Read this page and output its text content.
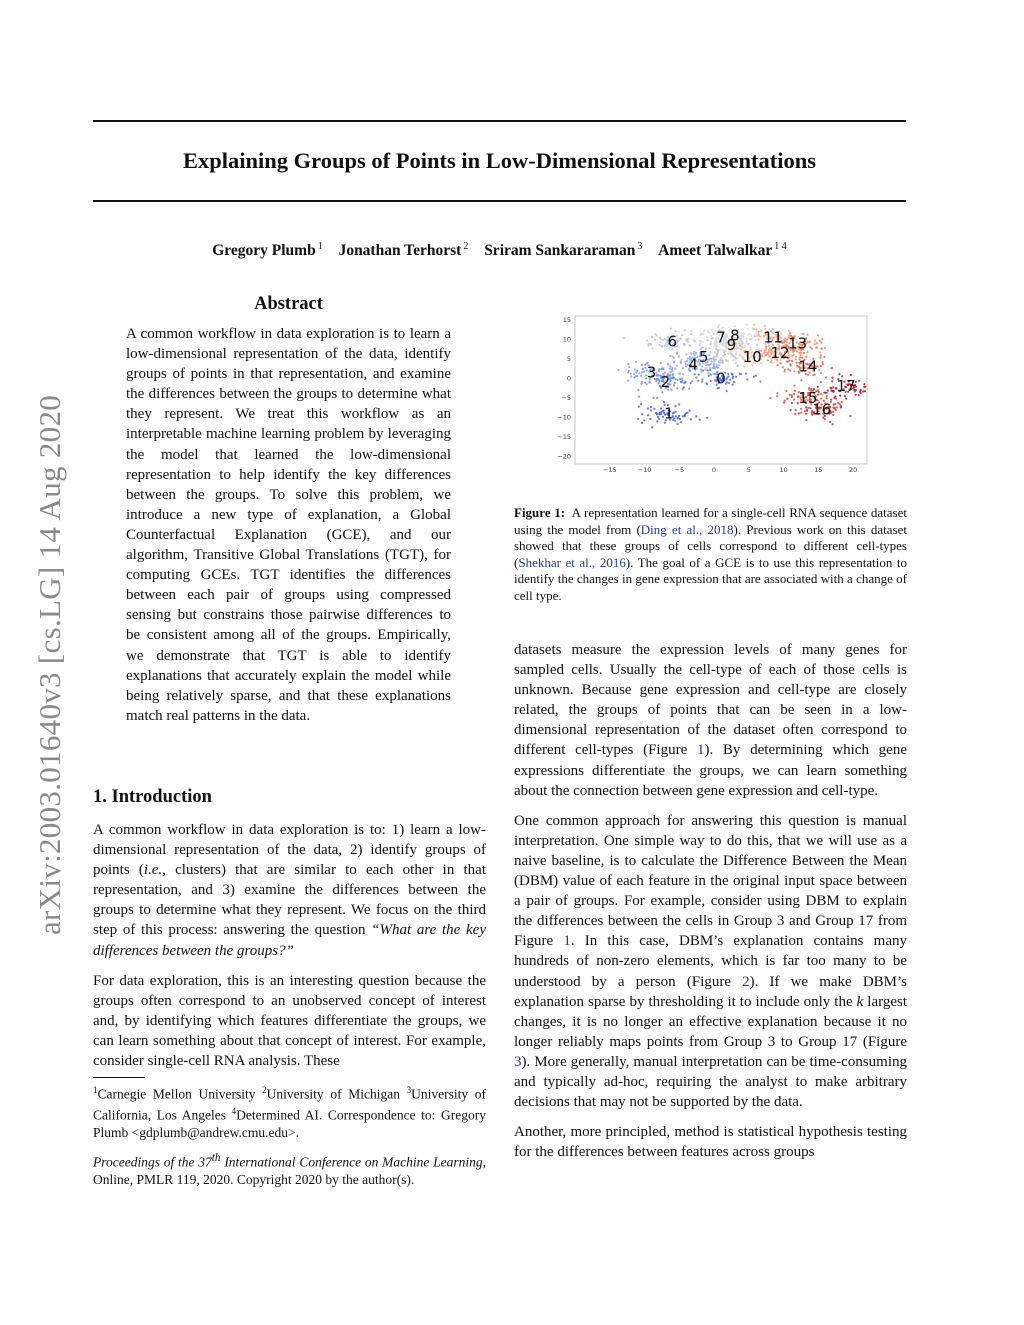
Explaining Groups of Points in Low-Dimensional Representations
Gregory Plumb $^1$ Jonathan Terhorst $^2$ Sriram Sankararaman $^3$ Ameet Talwalkar $^{1 4}$
arXiv:2003.01640v3 [cs.LG] 14 Aug 2020
Abstract
A common workflow in data exploration is to learn a low-dimensional representation of the data, identify groups of points in that representation, and examine the differences between the groups to determine what they represent. We treat this workflow as an interpretable machine learning problem by leveraging the model that learned the low-dimensional representation to help identify the key differences between the groups. To solve this problem, we introduce a new type of explanation, a Global Counterfactual Explanation (GCE), and our algorithm, Transitive Global Translations (TGT), for computing GCEs. TGT identifies the differences between each pair of groups using compressed sensing but constrains those pairwise differences to be consistent among all of the groups. Empirically, we demonstrate that TGT is able to identify explanations that accurately explain the model while being relatively sparse, and that these explanations match real patterns in the data.
1. Introduction

A common workflow in data exploration is to: 1) learn a low-dimensional representation of the data, 2) identify groups of points (i.e., clusters) that are similar to each other in that representation, and 3) examine the differences between the groups to determine what they represent. We focus on the third step of this process: answering the question “What are the key differences between the groups?”

For data exploration, this is an interesting question because the groups often correspond to an unobserved concept of interest and, by identifying which features differentiate the groups, we can learn something about that concept of interest. For example, consider single-cell RNA analysis. These

$^1$Carnegie Mellon University $^2$University of Michigan $^3$University of California, Los Angeles $^4$Determined AI. Correspondence to: Gregory Plumb <gdplumb@andrew.cmu.edu>.
Proceedings of the 37th International Conference on Machine Learning, Online, PMLR 119, 2020. Copyright 2020 by the author(s).
0
1
2
3 4 5
6	7 8
9
10
11
12
13
14
15
16
17
−15	−10	−5	0	5	10	15	20
15
10
5
0
−5
−10
−15
−20
Figure 1: A representation learned for a single-cell RNA sequence dataset using the model from (Ding et al., 2018). Previous work on this dataset showed that these groups of cells correspond to different cell-types (Shekhar et al., 2016). The goal of a GCE is to use this representation to identify the changes in gene expression that are associated with a change of cell type.

datasets measure the expression levels of many genes for sampled cells. Usually the cell-type of each of those cells is unknown. Because gene expression and cell-type are closely related, the groups of points that can be seen in a low-dimensional representation of the dataset often correspond to different cell-types (Figure 1). By determining which gene expressions differentiate the groups, we can learn something about the connection between gene expression and cell-type.

One common approach for answering this question is manual interpretation. One simple way to do this, that we will use as a naive baseline, is to calculate the Difference Between the Mean (DBM) value of each feature in the original input space between a pair of groups. For example, consider using DBM to explain the differences between the cells in Group 3 and Group 17 from Figure 1. In this case, DBM’s explanation contains many hundreds of non-zero elements, which is far too many to be understood by a person (Figure 2). If we make DBM’s explanation sparse by thresholding it to include only the k largest changes, it is no longer an effective explanation because it no longer reliably maps points from Group 3 to Group 17 (Figure 3). More generally, manual interpretation can be time-consuming and typically ad-hoc, requiring the analyst to make arbitrary decisions that may not be supported by the data.

Another, more principled, method is statistical hypothesis testing for the differences between features across groups
